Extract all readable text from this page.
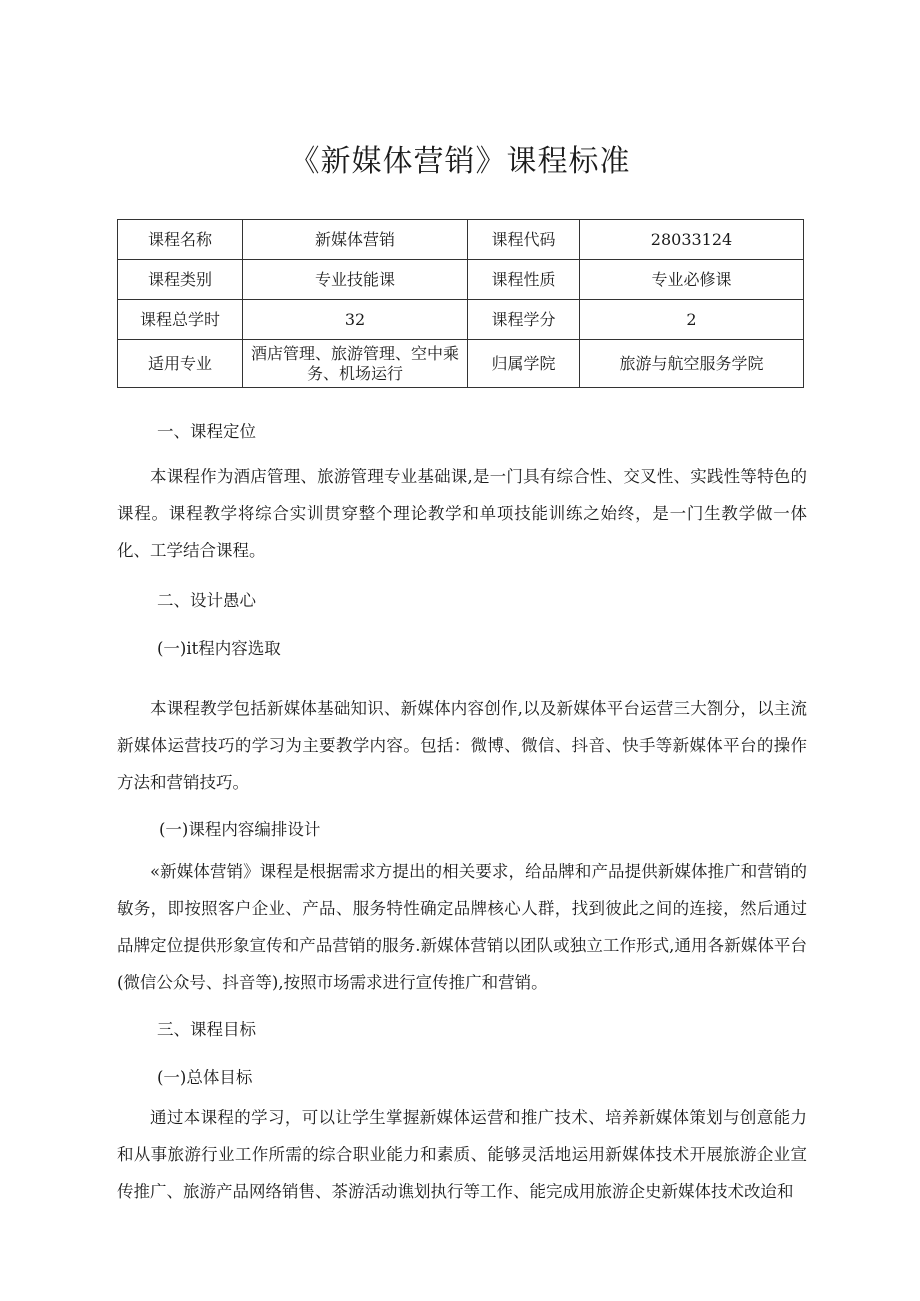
《新媒体营销》课程标准
课程名称	新媒体营销	课程代码	28033124
课程类别	专业技能课	课程性质	专业必修课
课程总学时	32	课程学分	2
适用专业	酒店管理、旅游管理、空中乘务、机场运行	归属学院	旅游与航空服务学院

一、课程定位

本课程作为酒店管理、旅游管理专业基础课,是一门具有综合性、交叉性、实践性等特色的课程。课程教学将综合实训贯穿整个理论教学和单项技能训练之始终，是一门生教学做一体化、工学结合课程。

二、设计愚心

(一)it程内容选取

本课程教学包括新媒体基础知识、新媒体内容创作,以及新媒体平台运营三大劄分，以主流新媒体运营技巧的学习为主要教学内容。包括：微博、微信、抖音、快手等新媒体平台的操作方法和营销技巧。

(一)课程内容编排设计

«新媒体营销》课程是根据需求方提出的相关要求，给品牌和产品提供新媒体推广和营销的敏务，即按照客户企业、产品、服务特性确定品牌核心人群，找到彼此之间的连接，然后通过品牌定位提供形象宣传和产品营销的服务.新媒体营销以团队或独立工作形式,通用各新媒体平台(微信公众号、抖音等),按照市场需求进行宣传推广和营销。

三、课程目标

(一)总体目标

通过本课程的学习，可以让学生掌握新媒体运营和推广技术、培养新媒体策划与创意能力和从事旅游行业工作所需的综合职业能力和素质、能够灵活地运用新媒体技术开展旅游企业宣传推广、旅游产品网络销售、茶游活动谯划执行等工作、能完成用旅游企史新媒体技术改迨和
